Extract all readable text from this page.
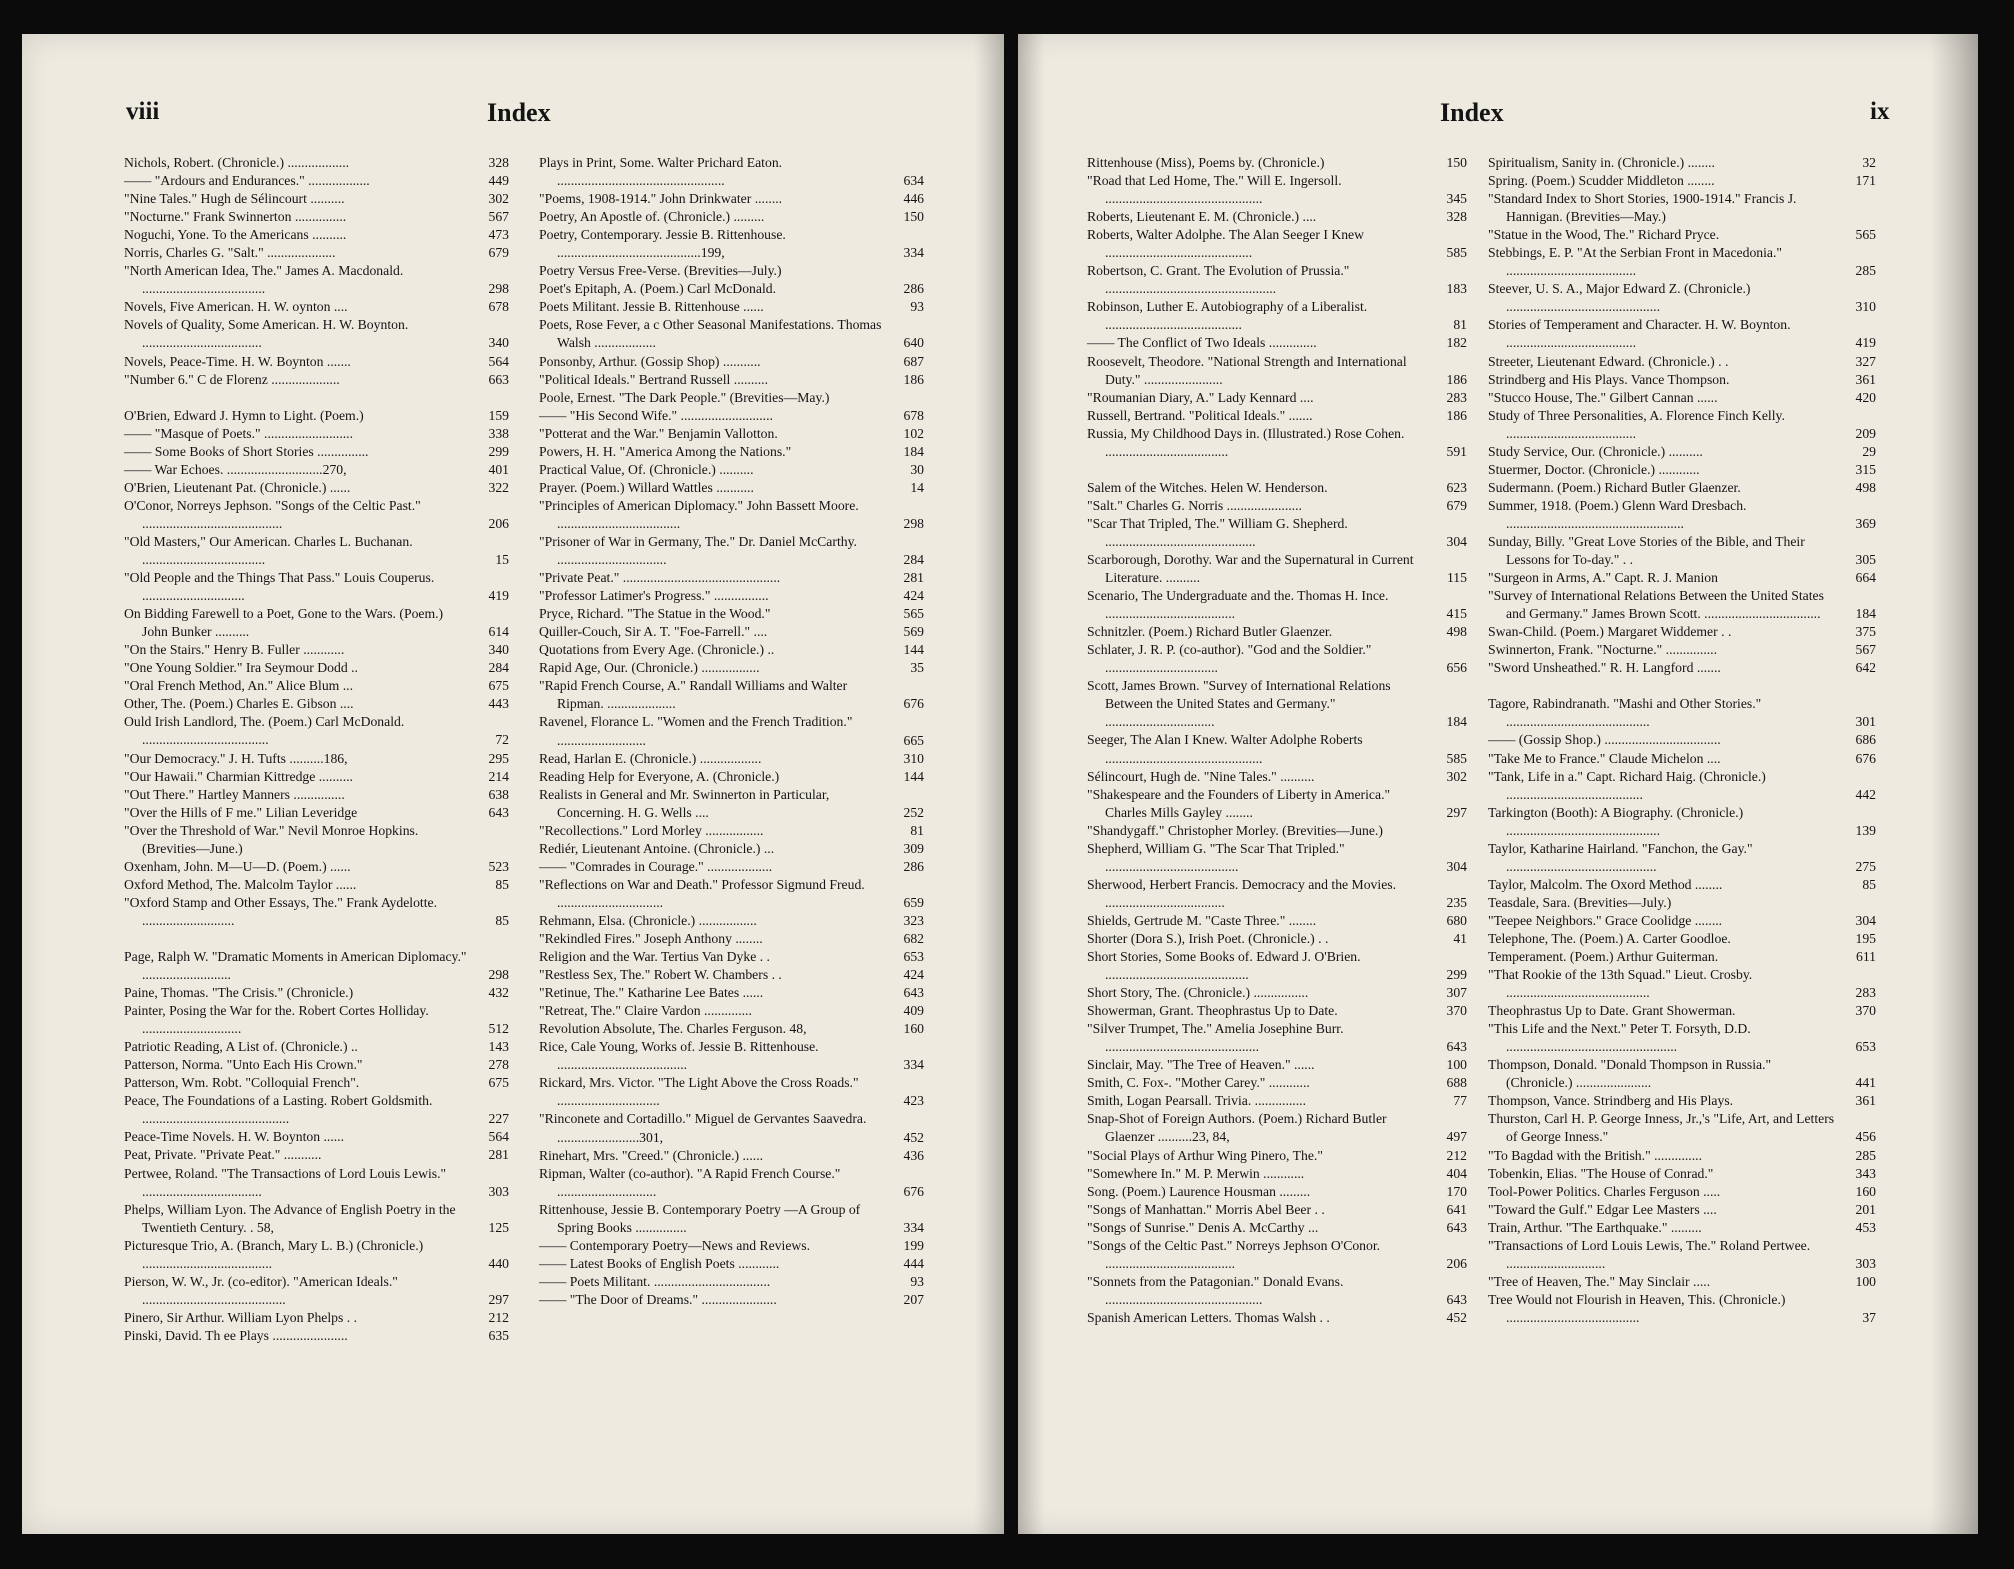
viii	Index
Nichols, Robert. (Chronicle.) ..................	328
—— "Ardours and Endurances." ..................	449
"Nine Tales." Hugh de Sélincourt ..........	302
"Nocturne." Frank Swinnerton ...............	567
Noguchi, Yone. To the Americans ..........	473
Norris, Charles G. "Salt." ....................	679
"North American Idea, The." James A. Macdonald. ....................................	298
Novels, Five American. H. W. oynton ....	678
Novels of Quality, Some American. H. W. Boynton. ...................................	340
Novels, Peace-Time. H. W. Boynton .......	564
"Number 6." C de Florenz ....................	663
O'Brien, Edward J. Hymn to Light. (Poem.)	159
—— "Masque of Poets." ..........................	338
—— Some Books of Short Stories ...............	299
—— War Echoes. ............................270,	401
O'Brien, Lieutenant Pat. (Chronicle.) ......	322
O'Conor, Norreys Jephson. "Songs of the Celtic Past." .........................................	206
"Old Masters," Our American. Charles L. Buchanan. ....................................	15
"Old People and the Things That Pass." Louis Couperus. ..............................	419
On Bidding Farewell to a Poet, Gone to the Wars. (Poem.) John Bunker ..........	614
"On the Stairs." Henry B. Fuller ............	340
"One Young Soldier." Ira Seymour Dodd ..	284
"Oral French Method, An." Alice Blum ...	675
Other, The. (Poem.) Charles E. Gibson ....	443
Ould Irish Landlord, The. (Poem.) Carl McDonald. .....................................	72
"Our Democracy." J. H. Tufts ..........186,	295
"Our Hawaii." Charmian Kittredge ..........	214
"Out There." Hartley Manners ...............	638
"Over the Hills of F me." Lilian Leveridge	643
"Over the Threshold of War." Nevil Monroe Hopkins. (Brevities—June.)
Oxenham, John. M—U—D. (Poem.) ......	523
Oxford Method, The. Malcolm Taylor ......	85
"Oxford Stamp and Other Essays, The." Frank Aydelotte. ...........................	85
Page, Ralph W. "Dramatic Moments in American Diplomacy." ..........................	298
Paine, Thomas. "The Crisis." (Chronicle.)	432
Painter, Posing the War for the. Robert Cortes Holliday. .............................	512
Patriotic Reading, A List of. (Chronicle.) ..	143
Patterson, Norma. "Unto Each His Crown."	278
Patterson, Wm. Robt. "Colloquial French".	675
Peace, The Foundations of a Lasting. Robert Goldsmith. ...........................................	227
Peace-Time Novels. H. W. Boynton ......	564
Peat, Private. "Private Peat." ...........	281
Pertwee, Roland. "The Transactions of Lord Louis Lewis." ...................................	303
Phelps, William Lyon. The Advance of English Poetry in the Twentieth Century. . 58,	125
Picturesque Trio, A. (Branch, Mary L. B.) (Chronicle.) ......................................	440
Pierson, W. W., Jr. (co-editor). "American Ideals." ..........................................	297
Pinero, Sir Arthur. William Lyon Phelps . .	212
Pinski, David. Th ee Plays ......................	635
Plays in Print, Some. Walter Prichard Eaton. .................................................	634
"Poems, 1908-1914." John Drinkwater ........	446
Poetry, An Apostle of. (Chronicle.) .........	150
Poetry, Contemporary. Jessie B. Rittenhouse. ..........................................199,	334
Poetry Versus Free-Verse. (Brevities—July.)
Poet's Epitaph, A. (Poem.) Carl McDonald.	286
Poets Militant. Jessie B. Rittenhouse ......	93
Poets, Rose Fever, a c Other Seasonal Manifestations. Thomas Walsh ..................	640
Ponsonby, Arthur. (Gossip Shop) ...........	687
"Political Ideals." Bertrand Russell ..........	186
Poole, Ernest. "The Dark People." (Brevities—May.)
—— "His Second Wife." ...........................	678
"Potterat and the War." Benjamin Vallotton.	102
Powers, H. H. "America Among the Nations."	184
Practical Value, Of. (Chronicle.) ..........	30
Prayer. (Poem.) Willard Wattles ...........	14
"Principles of American Diplomacy." John Bassett Moore. ....................................	298
"Prisoner of War in Germany, The." Dr. Daniel McCarthy. ................................	284
"Private Peat." ..............................................	281
"Professor Latimer's Progress." ................	424
Pryce, Richard. "The Statue in the Wood."	565
Quiller-Couch, Sir A. T. "Foe-Farrell." ....	569
Quotations from Every Age. (Chronicle.) ..	144
Rapid Age, Our. (Chronicle.) .................	35
"Rapid French Course, A." Randall Williams and Walter Ripman. ....................	676
Ravenel, Florance L. "Women and the French Tradition." ..........................	665
Read, Harlan E. (Chronicle.) ..................	310
Reading Help for Everyone, A. (Chronicle.)	144
Realists in General and Mr. Swinnerton in Particular, Concerning. H. G. Wells ....	252
"Recollections." Lord Morley .................	81
Rediér, Lieutenant Antoine. (Chronicle.) ...	309
—— "Comrades in Courage." ...................	286
"Reflections on War and Death." Professor Sigmund Freud. ...............................	659
Rehmann, Elsa. (Chronicle.) .................	323
"Rekindled Fires." Joseph Anthony ........	682
Religion and the War. Tertius Van Dyke . .	653
"Restless Sex, The." Robert W. Chambers . .	424
"Retinue, The." Katharine Lee Bates ......	643
"Retreat, The." Claire Vardon ..............	409
Revolution Absolute, The. Charles Ferguson. 48,	160
Rice, Cale Young, Works of. Jessie B. Rittenhouse. ......................................	334
Rickard, Mrs. Victor. "The Light Above the Cross Roads." ..............................	423
"Rinconete and Cortadillo." Miguel de Gervantes Saavedra. ........................301,	452
Rinehart, Mrs. "Creed." (Chronicle.) ......	436
Ripman, Walter (co-author). "A Rapid French Course." .............................	676
Rittenhouse, Jessie B. Contemporary Poetry —A Group of Spring Books ...............	334
—— Contemporary Poetry—News and Reviews.	199
—— Latest Books of English Poets ............	444
—— Poets Militant. ..................................	93
—— "The Door of Dreams." ......................	207
Index	ix
Rittenhouse (Miss), Poems by. (Chronicle.)	150
"Road that Led Home, The." Will E. Ingersoll. ..............................................	345
Roberts, Lieutenant E. M. (Chronicle.) ....	328
Roberts, Walter Adolphe. The Alan Seeger I Knew ...........................................	585
Robertson, C. Grant. The Evolution of Prussia." ..................................................	183
Robinson, Luther E. Autobiography of a Liberalist. ........................................	81
—— The Conflict of Two Ideals ..............	182
Roosevelt, Theodore. "National Strength and International Duty." .......................	186
"Roumanian Diary, A." Lady Kennard ....	283
Russell, Bertrand. "Political Ideals." .......	186
Russia, My Childhood Days in. (Illustrated.) Rose Cohen. ....................................	591
Salem of the Witches. Helen W. Henderson.	623
"Salt." Charles G. Norris ......................	679
"Scar That Tripled, The." William G. Shepherd. ............................................	304
Scarborough, Dorothy. War and the Supernatural in Current Literature. ..........	115
Scenario, The Undergraduate and the. Thomas H. Ince. ......................................	415
Schnitzler. (Poem.) Richard Butler Glaenzer.	498
Schlater, J. R. P. (co-author). "God and the Soldier." .................................	656
Scott, James Brown. "Survey of International Relations Between the United States and Germany." ................................	184
Seeger, The Alan I Knew. Walter Adolphe Roberts ..............................................	585
Sélincourt, Hugh de. "Nine Tales." ..........	302
"Shakespeare and the Founders of Liberty in America." Charles Mills Gayley ........	297
"Shandygaff." Christopher Morley. (Brevities—June.)
Shepherd, William G. "The Scar That Tripled." .......................................	304
Sherwood, Herbert Francis. Democracy and the Movies. ...................................	235
Shields, Gertrude M. "Caste Three." ........	680
Shorter (Dora S.), Irish Poet. (Chronicle.) . .	41
Short Stories, Some Books of. Edward J. O'Brien. ..........................................	299
Short Story, The. (Chronicle.) ................	307
Showerman, Grant. Theophrastus Up to Date.	370
"Silver Trumpet, The." Amelia Josephine Burr. .............................................	643
Sinclair, May. "The Tree of Heaven." ......	100
Smith, C. Fox-. "Mother Carey." ............	688
Smith, Logan Pearsall. Trivia. ...............	77
Snap-Shot of Foreign Authors. (Poem.) Richard Butler Glaenzer ..........23, 84,	497
"Social Plays of Arthur Wing Pinero, The."	212
"Somewhere In." M. P. Merwin ............	404
Song. (Poem.) Laurence Housman .........	170
"Songs of Manhattan." Morris Abel Beer . .	641
"Songs of Sunrise." Denis A. McCarthy ...	643
"Songs of the Celtic Past." Norreys Jephson O'Conor. ......................................	206
"Sonnets from the Patagonian." Donald Evans. ..............................................	643
Spanish American Letters. Thomas Walsh . .	452
Spiritualism, Sanity in. (Chronicle.) ........	32
Spring. (Poem.) Scudder Middleton ........	171
"Standard Index to Short Stories, 1900-1914." Francis J. Hannigan. (Brevities—May.)
"Statue in the Wood, The." Richard Pryce.	565
Stebbings, E. P. "At the Serbian Front in Macedonia." ......................................	285
Steever, U. S. A., Major Edward Z. (Chronicle.) .............................................	310
Stories of Temperament and Character. H. W. Boynton. ......................................	419
Streeter, Lieutenant Edward. (Chronicle.) . .	327
Strindberg and His Plays. Vance Thompson.	361
"Stucco House, The." Gilbert Cannan ......	420
Study of Three Personalities, A. Florence Finch Kelly. ......................................	209
Study Service, Our. (Chronicle.) ..........	29
Stuermer, Doctor. (Chronicle.) ............	315
Sudermann. (Poem.) Richard Butler Glaenzer.	498
Summer, 1918. (Poem.) Glenn Ward Dresbach. ....................................................	369
Sunday, Billy. "Great Love Stories of the Bible, and Their Lessons for To-day." . .	305
"Surgeon in Arms, A." Capt. R. J. Manion	664
"Survey of International Relations Between the United States and Germany." James Brown Scott. ..................................	184
Swan-Child. (Poem.) Margaret Widdemer . .	375
Swinnerton, Frank. "Nocturne." ...............	567
"Sword Unsheathed." R. H. Langford .......	642
Tagore, Rabindranath. "Mashi and Other Stories." ..........................................	301
—— (Gossip Shop.) ..................................	686
"Take Me to France." Claude Michelon ....	676
"Tank, Life in a." Capt. Richard Haig. (Chronicle.) ........................................	442
Tarkington (Booth): A Biography. (Chronicle.) .............................................	139
Taylor, Katharine Hairland. "Fanchon, the Gay." ............................................	275
Taylor, Malcolm. The Oxord Method ........	85
Teasdale, Sara. (Brevities—July.)
"Teepee Neighbors." Grace Coolidge ........	304
Telephone, The. (Poem.) A. Carter Goodloe.	195
Temperament. (Poem.) Arthur Guiterman.	611
"That Rookie of the 13th Squad." Lieut. Crosby. ..........................................	283
Theophrastus Up to Date. Grant Showerman.	370
"This Life and the Next." Peter T. Forsyth, D.D. ..................................................	653
Thompson, Donald. "Donald Thompson in Russia." (Chronicle.) ......................	441
Thompson, Vance. Strindberg and His Plays.	361
Thurston, Carl H. P. George Inness, Jr.,'s "Life, Art, and Letters of George Inness."	456
"To Bagdad with the British." ..............	285
Tobenkin, Elias. "The House of Conrad."	343
Tool-Power Politics. Charles Ferguson .....	160
"Toward the Gulf." Edgar Lee Masters ....	201
Train, Arthur. "The Earthquake." .........	453
"Transactions of Lord Louis Lewis, The." Roland Pertwee. .............................	303
"Tree of Heaven, The." May Sinclair .....	100
Tree Would not Flourish in Heaven, This. (Chronicle.) .......................................	37
